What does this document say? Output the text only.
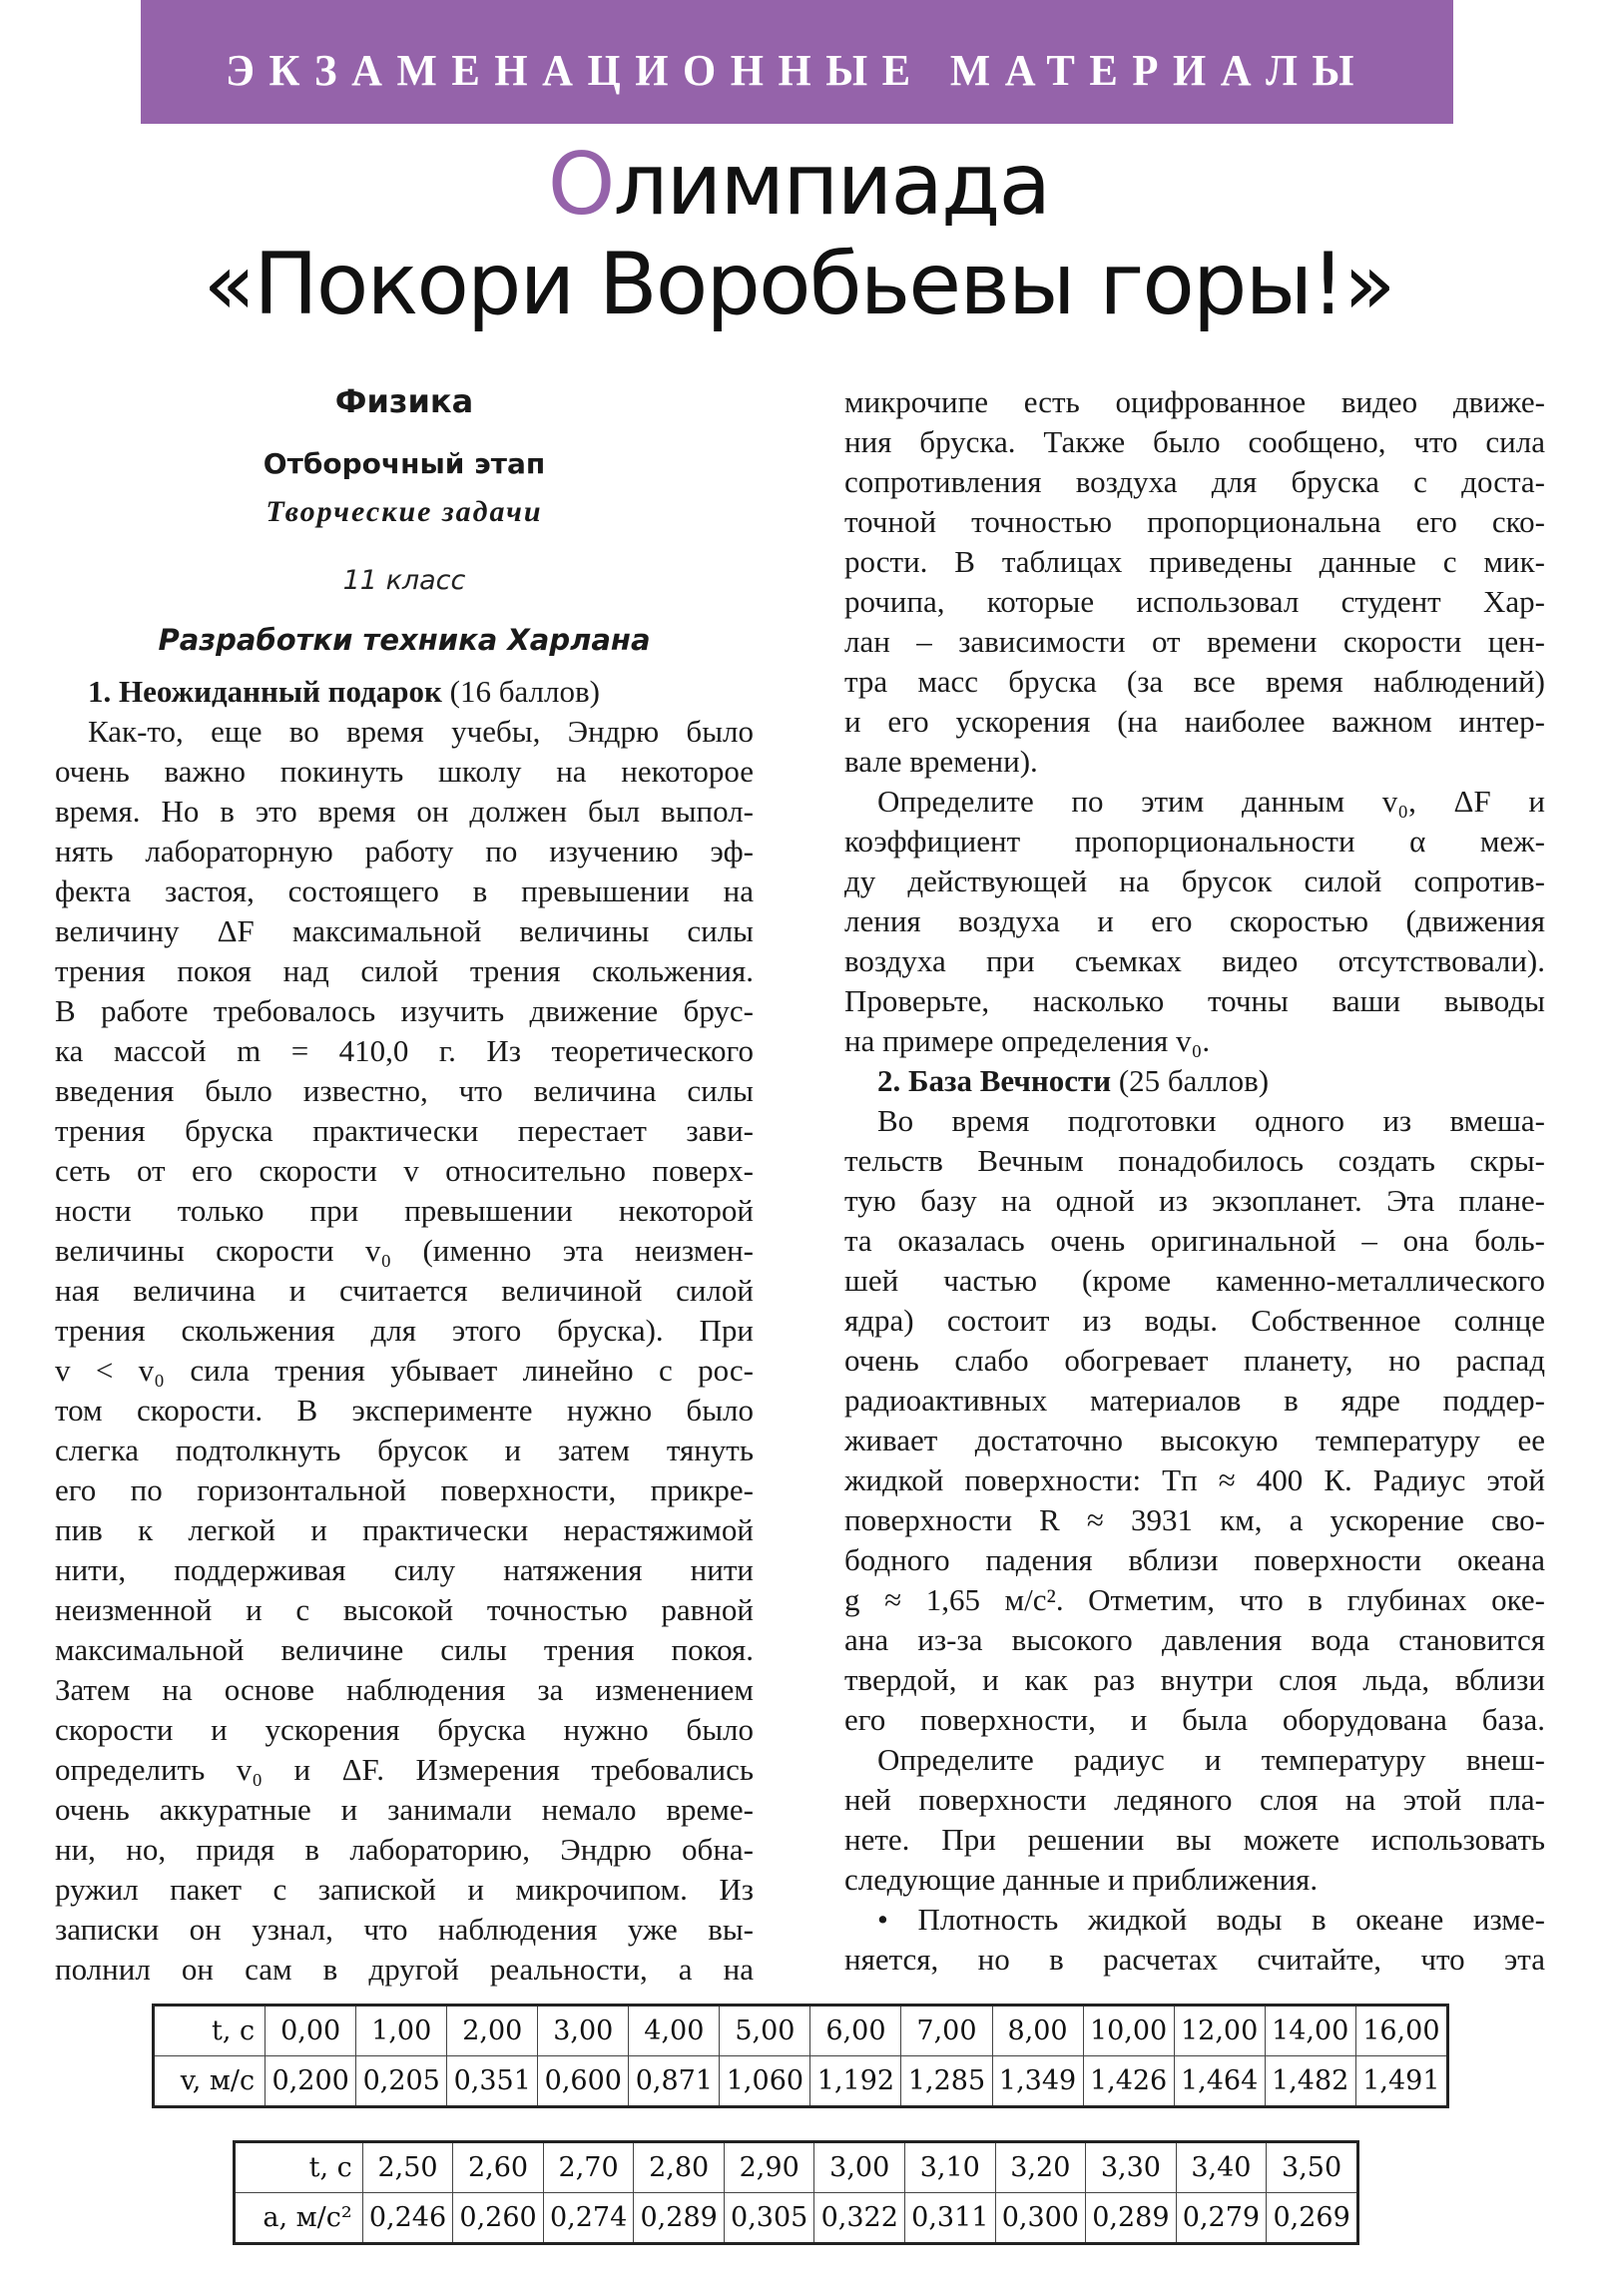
ЭКЗАМЕНАЦИОННЫЕ МАТЕРИАЛЫ
Олимпиада
«Покори Воробьевы горы!»
Физика
Отборочный этап
Творческие задачи
11 класс
Разработки техника Харлана
1. Неожиданный подарок (16 баллов)
Как-то, еще во время учебы, Эндрю было
очень важно покинуть школу на некоторое
время. Но в это время он должен был выпол-
нять лабораторную работу по изучению эф-
фекта застоя, состоящего в превышении на
величину ΔF максимальной величины силы
трения покоя над силой трения скольжения.
В работе требовалось изучить движение брус-
ка массой m = 410,0 г. Из теоретического
введения было известно, что величина силы
трения бруска практически перестает зави-
сеть от его скорости v относительно поверх-
ности только при превышении некоторой
величины скорости v₀ (именно эта неизмен-
ная величина и считается величиной силой
трения скольжения для этого бруска). При
v < v₀ сила трения убывает линейно с рос-
том скорости. В эксперименте нужно было
слегка подтолкнуть брусок и затем тянуть
его по горизонтальной поверхности, прикре-
пив к легкой и практически нерастяжимой
нити, поддерживая силу натяжения нити
неизменной и с высокой точностью равной
максимальной величине силы трения покоя.
Затем на основе наблюдения за изменением
скорости и ускорения бруска нужно было
определить v₀ и ΔF. Измерения требовались
очень аккуратные и занимали немало време-
ни, но, придя в лабораторию, Эндрю обна-
ружил пакет с запиской и микрочипом. Из
записки он узнал, что наблюдения уже вы-
полнил он сам в другой реальности, а на
микрочипе есть оцифрованное видео движе-
ния бруска. Также было сообщено, что сила
сопротивления воздуха для бруска с доста-
точной точностью пропорциональна его ско-
рости. В таблицах приведены данные с мик-
рочипа, которые использовал студент Хар-
лан – зависимости от времени скорости цен-
тра масс бруска (за все время наблюдений)
и его ускорения (на наиболее важном интер-
вале времени).
Определите по этим данным v₀, ΔF и
коэффициент пропорциональности α меж-
ду действующей на брусок силой сопротив-
ления воздуха и его скоростью (движения
воздуха при съемках видео отсутствовали).
Проверьте, насколько точны ваши выводы
на примере определения v₀.
2. База Вечности (25 баллов)
Во время подготовки одного из вмеша-
тельств Вечным понадобилось создать скры-
тую базу на одной из экзопланет. Эта плане-
та оказалась очень оригинальной – она боль-
шей частью (кроме каменно-металлического
ядра) состоит из воды. Собственное солнце
очень слабо обогревает планету, но распад
радиоактивных материалов в ядре поддер-
живает достаточно высокую температуру ее
жидкой поверхности: Tп ≈ 400 К. Радиус этой
поверхности R ≈ 3931 км, а ускорение сво-
бодного падения вблизи поверхности океана
g ≈ 1,65 м/с². Отметим, что в глубинах оке-
ана из-за высокого давления вода становится
твердой, и как раз внутри слоя льда, вблизи
его поверхности, и была оборудована база.
Определите радиус и температуру внеш-
ней поверхности ледяного слоя на этой пла-
нете. При решении вы можете использовать
следующие данные и приближения.
• Плотность жидкой воды в океане изме-
няется, но в расчетах считайте, что эта
t, с	0,00	1,00	2,00	3,00	4,00	5,00	6,00	7,00	8,00	10,00	12,00	14,00	16,00
v, м/с	0,200	0,205	0,351	0,600	0,871	1,060	1,192	1,285	1,349	1,426	1,464	1,482	1,491
t, с	2,50	2,60	2,70	2,80	2,90	3,00	3,10	3,20	3,30	3,40	3,50
a, м/с²	0,246	0,260	0,274	0,289	0,305	0,322	0,311	0,300	0,289	0,279	0,269
